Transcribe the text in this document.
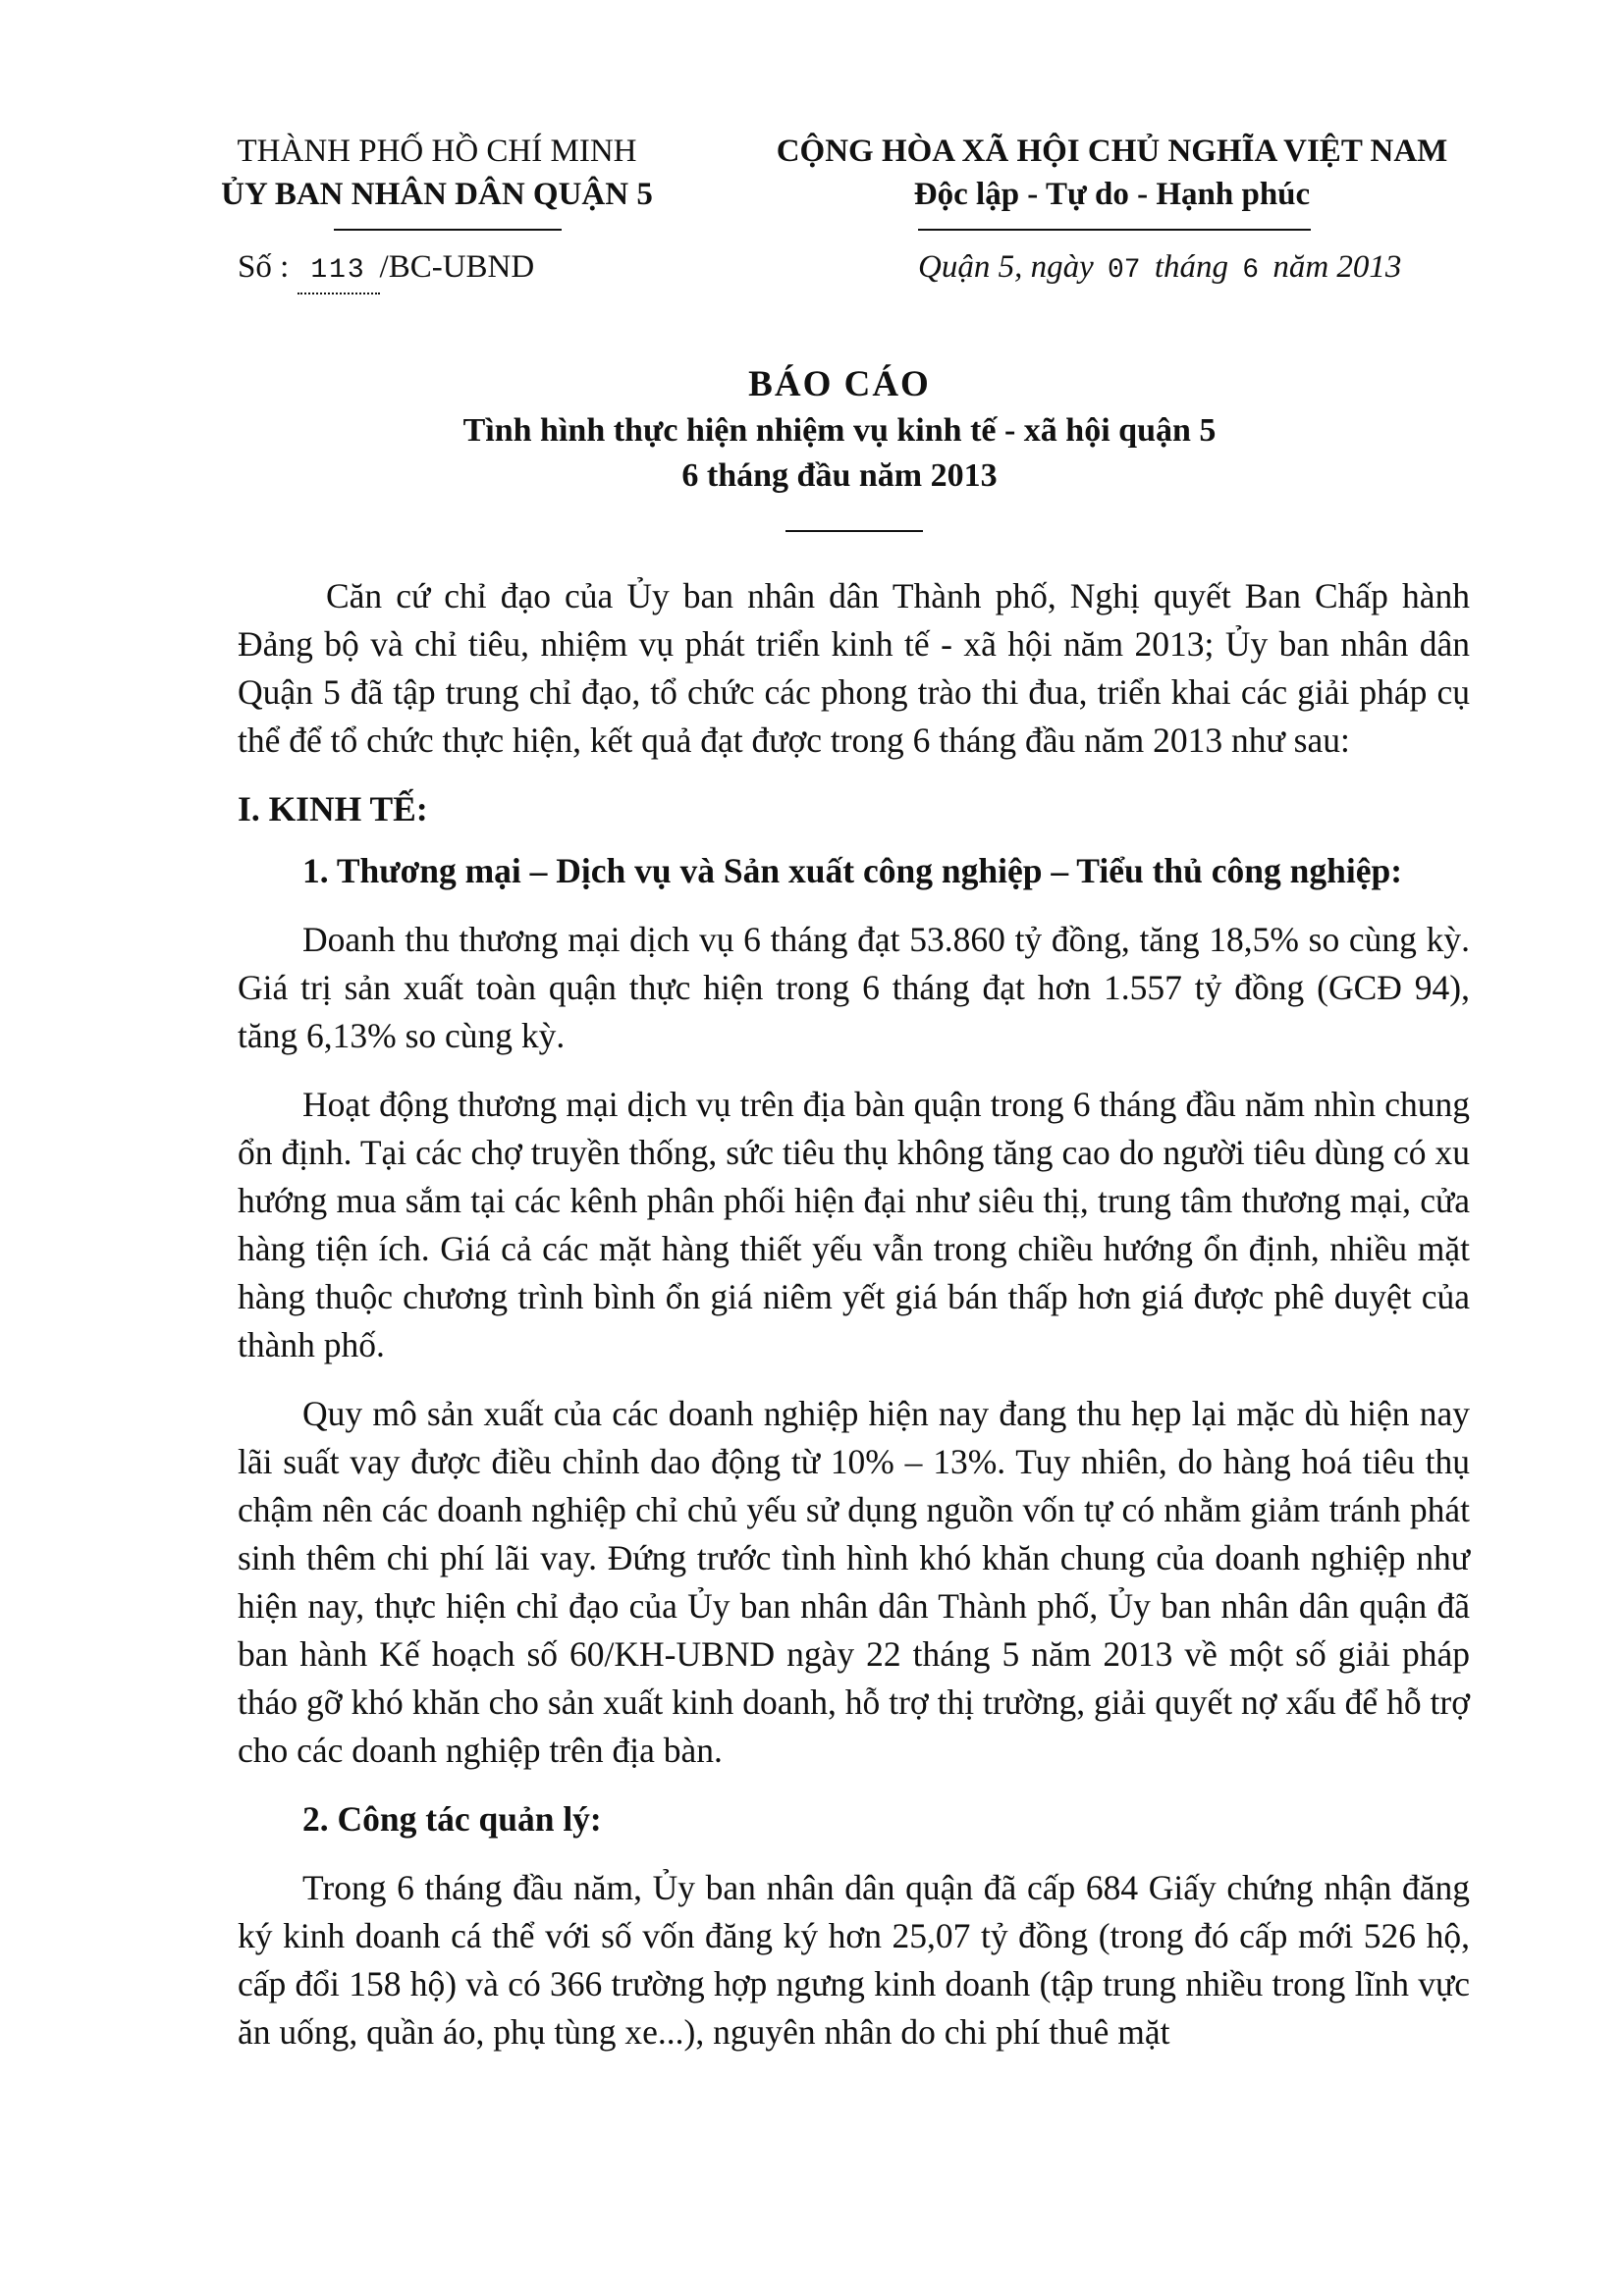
THÀNH PHỐ HỒ CHÍ MINH
ỦY BAN NHÂN DÂN QUẬN 5
CỘNG HÒA XÃ HỘI CHỦ NGHĨA VIỆT NAM
Độc lập - Tự do - Hạnh phúc
Số : 113 /BC-UBND	Quận 5, ngày 07 tháng 6 năm 2013
BÁO CÁO
Tình hình thực hiện nhiệm vụ kinh tế - xã hội quận 5
6 tháng đầu năm 2013

Căn cứ chỉ đạo của Ủy ban nhân dân Thành phố, Nghị quyết Ban Chấp hành Đảng bộ và chỉ tiêu, nhiệm vụ phát triển kinh tế - xã hội năm 2013; Ủy ban nhân dân Quận 5 đã tập trung chỉ đạo, tổ chức các phong trào thi đua, triển khai các giải pháp cụ thể để tổ chức thực hiện, kết quả đạt được trong 6 tháng đầu năm 2013 như sau:

I. KINH TẾ:

1. Thương mại – Dịch vụ và Sản xuất công nghiệp – Tiểu thủ công nghiệp:

Doanh thu thương mại dịch vụ 6 tháng đạt 53.860 tỷ đồng, tăng 18,5% so cùng kỳ. Giá trị sản xuất toàn quận thực hiện trong 6 tháng đạt hơn 1.557 tỷ đồng (GCĐ 94), tăng 6,13% so cùng kỳ.

Hoạt động thương mại dịch vụ trên địa bàn quận trong 6 tháng đầu năm nhìn chung ổn định. Tại các chợ truyền thống, sức tiêu thụ không tăng cao do người tiêu dùng có xu hướng mua sắm tại các kênh phân phối hiện đại như siêu thị, trung tâm thương mại, cửa hàng tiện ích. Giá cả các mặt hàng thiết yếu vẫn trong chiều hướng ổn định, nhiều mặt hàng thuộc chương trình bình ổn giá niêm yết giá bán thấp hơn giá được phê duyệt của thành phố.

Quy mô sản xuất của các doanh nghiệp hiện nay đang thu hẹp lại mặc dù hiện nay lãi suất vay được điều chỉnh dao động từ 10% – 13%. Tuy nhiên, do hàng hoá tiêu thụ chậm nên các doanh nghiệp chỉ chủ yếu sử dụng nguồn vốn tự có nhằm giảm tránh phát sinh thêm chi phí lãi vay. Đứng trước tình hình khó khăn chung của doanh nghiệp như hiện nay, thực hiện chỉ đạo của Ủy ban nhân dân Thành phố, Ủy ban nhân dân quận đã ban hành Kế hoạch số 60/KH-UBND ngày 22 tháng 5 năm 2013 về một số giải pháp tháo gỡ khó khăn cho sản xuất kinh doanh, hỗ trợ thị trường, giải quyết nợ xấu để hỗ trợ cho các doanh nghiệp trên địa bàn.

2. Công tác quản lý:

Trong 6 tháng đầu năm, Ủy ban nhân dân quận đã cấp 684 Giấy chứng nhận đăng ký kinh doanh cá thể với số vốn đăng ký hơn 25,07 tỷ đồng (trong đó cấp mới 526 hộ, cấp đổi 158 hộ) và có 366 trường hợp ngưng kinh doanh (tập trung nhiều trong lĩnh vực ăn uống, quần áo, phụ tùng xe...), nguyên nhân do chi phí thuê mặt
